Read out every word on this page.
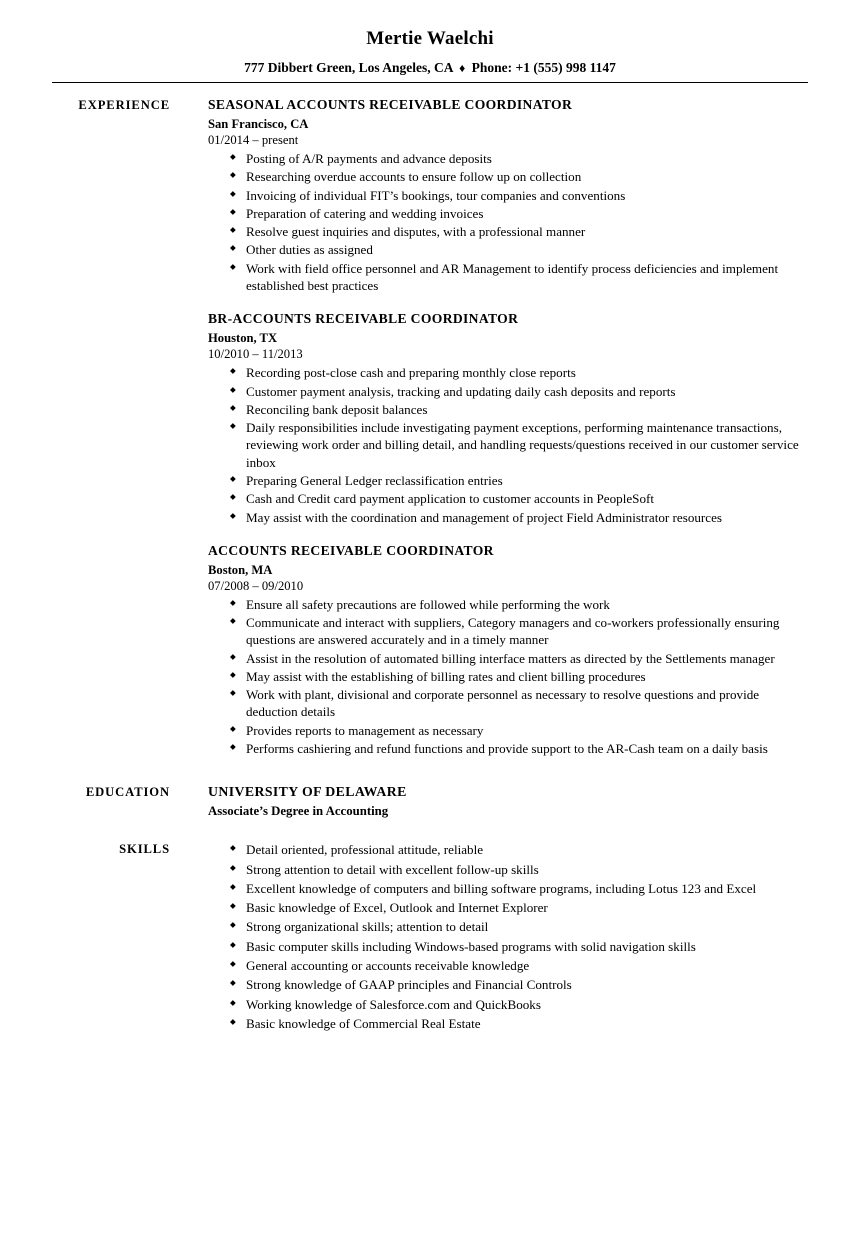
Mertie Waelchi
777 Dibbert Green, Los Angeles, CA ♦ Phone: +1 (555) 998 1147
EXPERIENCE	SEASONAL ACCOUNTS RECEIVABLE COORDINATOR
San Francisco, CA
01/2014 – present
◆ Posting of A/R payments and advance deposits
◆ Researching overdue accounts to ensure follow up on collection
◆ Invoicing of individual FIT’s bookings, tour companies and conventions
◆ Preparation of catering and wedding invoices
◆ Resolve guest inquiries and disputes, with a professional manner
◆ Other duties as assigned
◆ Work with field office personnel and AR Management to identify process deficiencies and implement established best practices
BR-ACCOUNTS RECEIVABLE COORDINATOR
Houston, TX
10/2010 – 11/2013
◆ Recording post-close cash and preparing monthly close reports
◆ Customer payment analysis, tracking and updating daily cash deposits and reports
◆ Reconciling bank deposit balances
◆ Daily responsibilities include investigating payment exceptions, performing maintenance transactions, reviewing work order and billing detail, and handling requests/questions received in our customer service inbox
◆ Preparing General Ledger reclassification entries
◆ Cash and Credit card payment application to customer accounts in PeopleSoft
◆ May assist with the coordination and management of project Field Administrator resources
ACCOUNTS RECEIVABLE COORDINATOR
Boston, MA
07/2008 – 09/2010
◆ Ensure all safety precautions are followed while performing the work
◆ Communicate and interact with suppliers, Category managers and co-workers professionally ensuring questions are answered accurately and in a timely manner
◆ Assist in the resolution of automated billing interface matters as directed by the Settlements manager
◆ May assist with the establishing of billing rates and client billing procedures
◆ Work with plant, divisional and corporate personnel as necessary to resolve questions and provide deduction details
◆ Provides reports to management as necessary
◆ Performs cashiering and refund functions and provide support to the AR-Cash team on a daily basis
EDUCATION	UNIVERSITY OF DELAWARE
Associate’s Degree in Accounting
SKILLS	◆ Detail oriented, professional attitude, reliable
◆ Strong attention to detail with excellent follow-up skills
◆ Excellent knowledge of computers and billing software programs, including Lotus 123 and Excel
◆ Basic knowledge of Excel, Outlook and Internet Explorer
◆ Strong organizational skills; attention to detail
◆ Basic computer skills including Windows-based programs with solid navigation skills
◆ General accounting or accounts receivable knowledge
◆ Strong knowledge of GAAP principles and Financial Controls
◆ Working knowledge of Salesforce.com and QuickBooks
◆ Basic knowledge of Commercial Real Estate
